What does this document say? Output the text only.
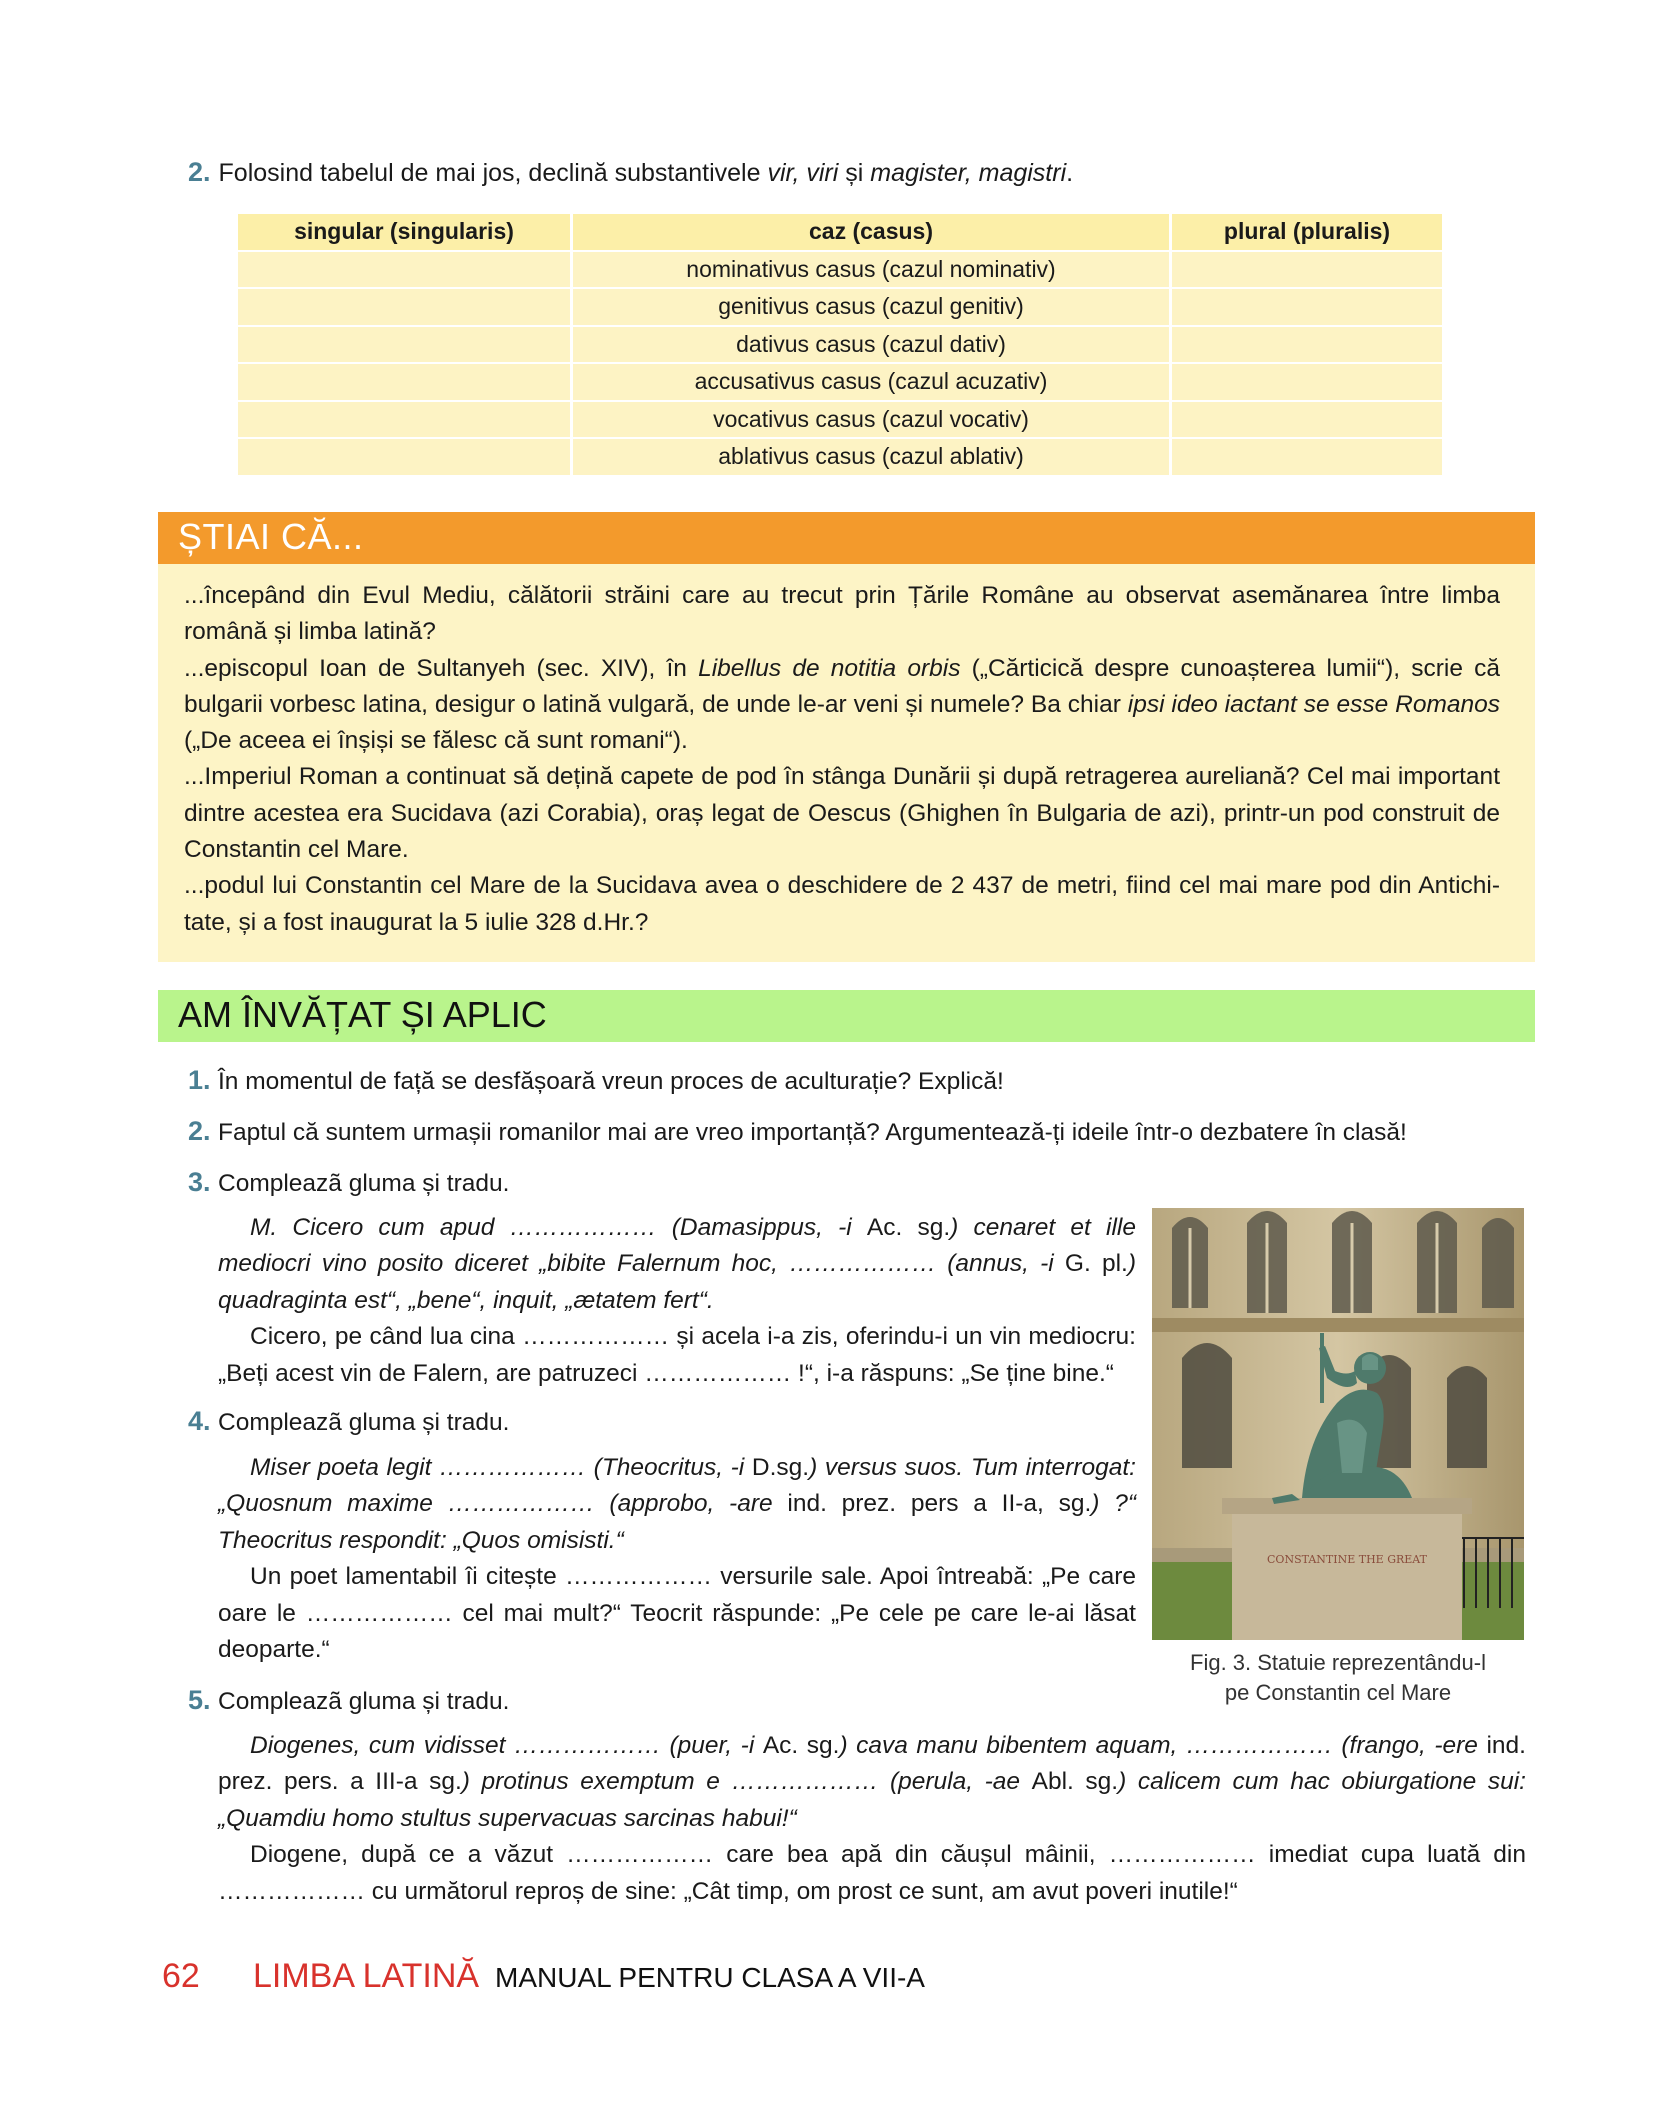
2. Folosind tabelul de mai jos, declină substantivele vir, viri și magister, magistri.
singular (singularis)	caz (casus)	plural (pluralis)
	nominativus casus (cazul nominativ)	
	genitivus casus (cazul genitiv)	
	dativus casus (cazul dativ)	
	accusativus casus (cazul acuzativ)	
	vocativus casus (cazul vocativ)	
	ablativus casus (cazul ablativ)	
ȘTIAI CĂ...

...începând din Evul Mediu, călătorii străini care au trecut prin Țările Române au observat asemănarea între limba română și limba latină?

...episcopul Ioan de Sultanyeh (sec. XIV), în Libellus de notitia orbis („Cărticică despre cunoașterea lumii“), scrie că bulgarii vorbesc latina, desigur o latină vulgară, de unde le-ar veni și numele? Ba chiar ipsi ideo iactant se esse Romanos („De aceea ei înșiși se fălesc că sunt romani“).

...Imperiul Roman a continuat să dețină capete de pod în stânga Dunării și după retragerea aureliană? Cel mai important dintre acestea era Sucidava (azi Corabia), oraș legat de Oescus (Ghighen în Bulgaria de azi), printr-un pod construit de Constantin cel Mare.

...podul lui Constantin cel Mare de la Sucidava avea o deschidere de 2 437 de metri, fiind cel mai mare pod din Antichitate, și a fost inaugurat la 5 iulie 328 d.Hr.?

AM ÎNVĂȚAT ȘI APLIC
1. În momentul de față se desfășoară vreun proces de aculturație? Explică!
2. Faptul că suntem urmașii romanilor mai are vreo importanță? Argumentează-ți ideile într-o dezbatere în clasă!
3. Compleazã gluma și tradu.

M. Cicero cum apud ……………… (Damasippus, -i Ac. sg.) cenaret et ille mediocri vino posito diceret „bibite Falernum hoc, ……………… (annus, -i G. pl.) quadraginta est“, „bene“, inquit, „ætatem fert“.

Cicero, pe când lua cina ……………… și acela i-a zis, oferindu-i un vin mediocru: „Beți acest vin de Falern, are patruzeci ……………… !“, i-a răspuns: „Se ține bine.“

4. Compleazã gluma și tradu.

Miser poeta legit ……………… (Theocritus, -i D.sg.) versus suos. Tum interrogat: „Quosnum maxime ……………… (approbo, -are ind. prez. pers a II-a, sg.) ?“ Theocritus respondit: „Quos omisisti.“

Un poet lamentabil îi citește ……………… versurile sale. Apoi întreabă: „Pe care oare le ……………… cel mai mult?“ Teocrit răspunde: „Pe cele pe care le-ai lăsat deoparte.“

5. Compleazã gluma și tradu.

Diogenes, cum vidisset ……………… (puer, -i Ac. sg.) cava manu bibentem aquam, ……………… (frango, -ere ind. prez. pers. a III-a sg.) protinus exemptum e ……………… (perula, -ae Abl. sg.) calicem cum hac obiurgatione sui: „Quamdiu homo stultus supervacuas sarcinas habui!“

Diogene, după ce a văzut ……………… care bea apă din căușul mâinii, ……………… imediat cupa luată din ……………… cu următorul reproș de sine: „Cât timp, om prost ce sunt, am avut poveri inutile!“

CONSTANTINE THE GREAT
Fig. 3. Statuie reprezentându-l
pe Constantin cel Mare
62 LIMBA LATINĂ MANUAL PENTRU CLASA A VII-A
